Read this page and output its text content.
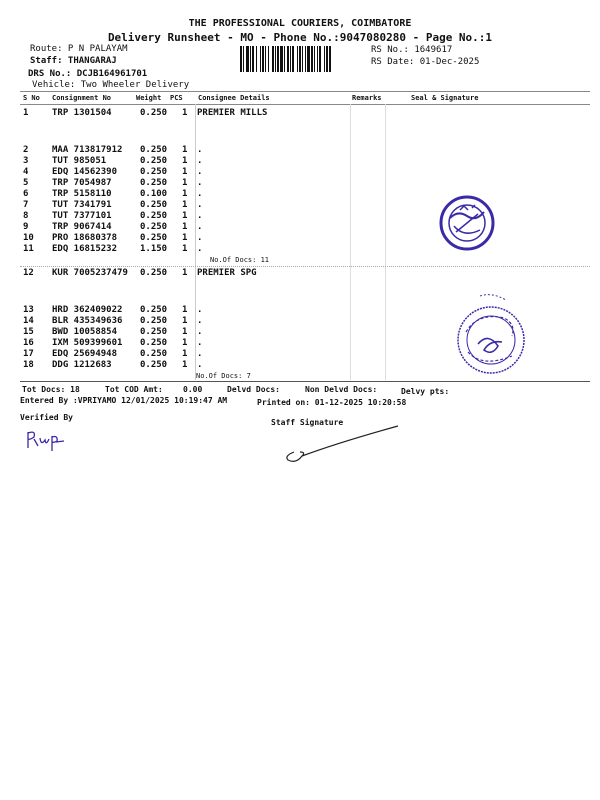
THE PROFESSIONAL COURIERS, COIMBATORE
Delivery Runsheet - MO - Phone No.:9047080280 - Page No.:1
Route: P N PALAYAM
Staff: THANGARAJ
DRS No.: DCJB164961701
Vehicle: Two Wheeler Delivery
RS No.: 1649617
RS Date: 01-Dec-2025
S No Consignment No	Weight PCS Consignee Details	Remarks	Seal & Signature
1	TRP 1301504	0.250 1 PREMIER MILLS
2	MAA 713817912 0.250 1 .
3	TUT 985051	0.250 1 .
4	EDQ 14562390	0.250 1 .
5	TRP 7054987	0.250 1 .
6	TRP 5158110	0.100 1 .
7	TUT 7341791	0.250 1 .
8	TUT 7377101	0.250 1 .
9	TRP 9067414	0.250 1 .
10 PRO 18680378	0.250 1 .
11 EDQ 16815232	1.150 1 .
No.Of Docs: 11
12 KUR 7005237479 0.250 1 PREMIER SPG
13 HRD 362409022 0.250 1 .
14 BLR 435349636 0.250 1 .
15 BWD 10058854	0.250 1 .
16 IXM 509399601 0.250 1 .
17 EDQ 25694948	0.250 1 .
18 DDG 1212683	0.250 1 .
No.Of Docs: 7
Tot Docs: 18	Tot COD Amt:	0.00	Delvd Docs:	Non Delvd Docs:	Delvy pts:
Entered By :VPRIYAMO 12/01/2025 10:19:47 AM	Printed on: 01-12-2025 10:20:58
Verified By
Staff Signature
